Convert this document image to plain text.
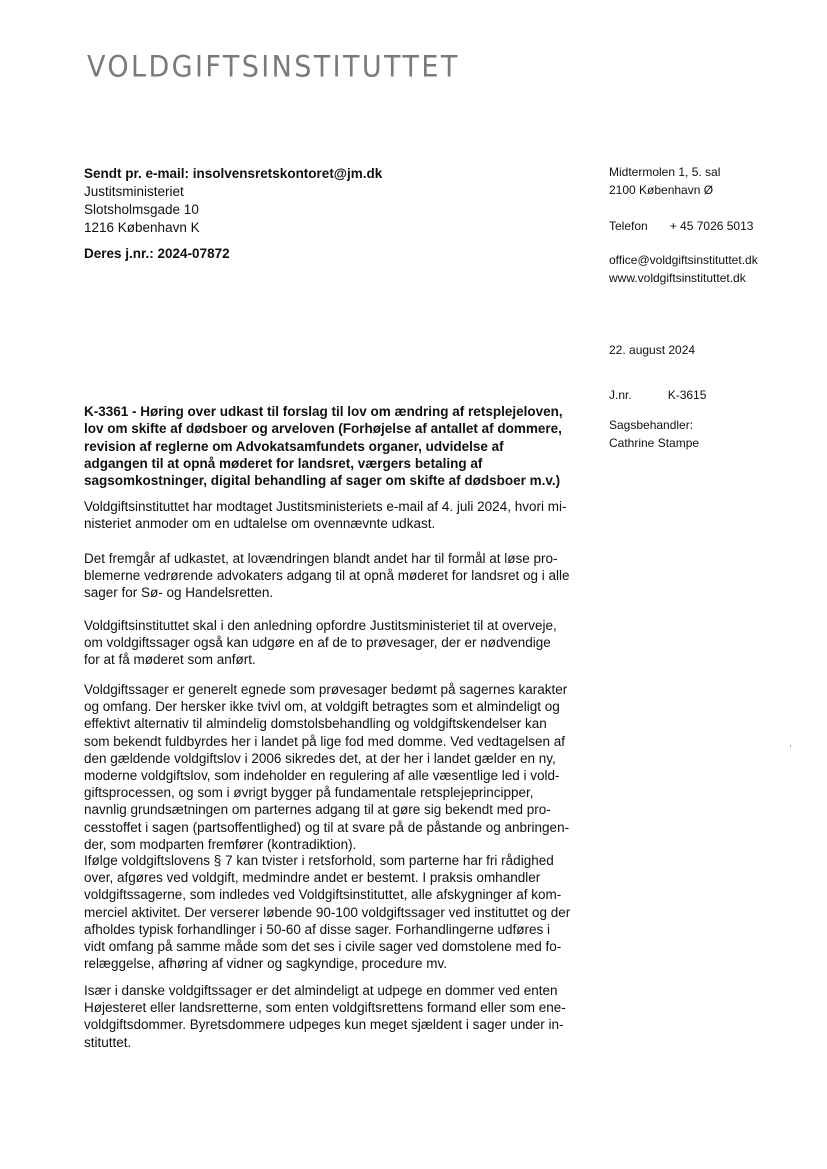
VOLDGIFTSINSTITUTTET
Sendt pr. e-mail: insolvensretskontoret@jm.dk
Justitsministeriet
Slotsholmsgade 10
1216 København K
Deres j.nr.: 2024-07872
Midtermolen 1, 5. sal
2100 København Ø
Telefon + 45 7026 5013
office@voldgiftsinstituttet.dk
www.voldgiftsinstituttet.dk
22. august 2024
J.nr.	K-3615
Sagsbehandler:
Cathrine Stampe
K-3361 - Høring over udkast til forslag til lov om ændring af retsplejeloven,
lov om skifte af dødsboer og arveloven (Forhøjelse af antallet af dommere,
revision af reglerne om Advokatsamfundets organer, udvidelse af
adgangen til at opnå møderet for landsret, værgers betaling af
sagsomkostninger, digital behandling af sager om skifte af dødsboer m.v.)
Voldgiftsinstituttet har modtaget Justitsministeriets e-mail af 4. juli 2024, hvori mi-
nisteriet anmoder om en udtalelse om ovennævnte udkast.
Det fremgår af udkastet, at lovændringen blandt andet har til formål at løse pro-
blemerne vedrørende advokaters adgang til at opnå møderet for landsret og i alle
sager for Sø- og Handelsretten.
Voldgiftsinstituttet skal i den anledning opfordre Justitsministeriet til at overveje,
om voldgiftssager også kan udgøre en af de to prøvesager, der er nødvendige
for at få møderet som anført.
Voldgiftssager er generelt egnede som prøvesager bedømt på sagernes karakter
og omfang. Der hersker ikke tvivl om, at voldgift betragtes som et almindeligt og
effektivt alternativ til almindelig domstolsbehandling og voldgiftskendelser kan
som bekendt fuldbyrdes her i landet på lige fod med domme. Ved vedtagelsen af
den gældende voldgiftslov i 2006 sikredes det, at der her i landet gælder en ny,
moderne voldgiftslov, som indeholder en regulering af alle væsentlige led i vold-
giftsprocessen, og som i øvrigt bygger på fundamentale retsplejeprincipper,
navnlig grundsætningen om parternes adgang til at gøre sig bekendt med pro-
cesstoffet i sagen (partsoffentlighed) og til at svare på de påstande og anbringen-
der, som modparten fremfører (kontradiktion).
Ifølge voldgiftslovens § 7 kan tvister i retsforhold, som parterne har fri rådighed
over, afgøres ved voldgift, medmindre andet er bestemt. I praksis omhandler
voldgiftssagerne, som indledes ved Voldgiftsinstituttet, alle afskygninger af kom-
merciel aktivitet. Der verserer løbende 90-100 voldgiftssager ved instituttet og der
afholdes typisk forhandlinger i 50-60 af disse sager. Forhandlingerne udføres i
vidt omfang på samme måde som det ses i civile sager ved domstolene med fo-
relæggelse, afhøring af vidner og sagkyndige, procedure mv.
Især i danske voldgiftssager er det almindeligt at udpege en dommer ved enten
Højesteret eller landsretterne, som enten voldgiftsrettens formand eller som ene-
voldgiftsdommer. Byretsdommere udpeges kun meget sjældent i sager under in-
stituttet.
